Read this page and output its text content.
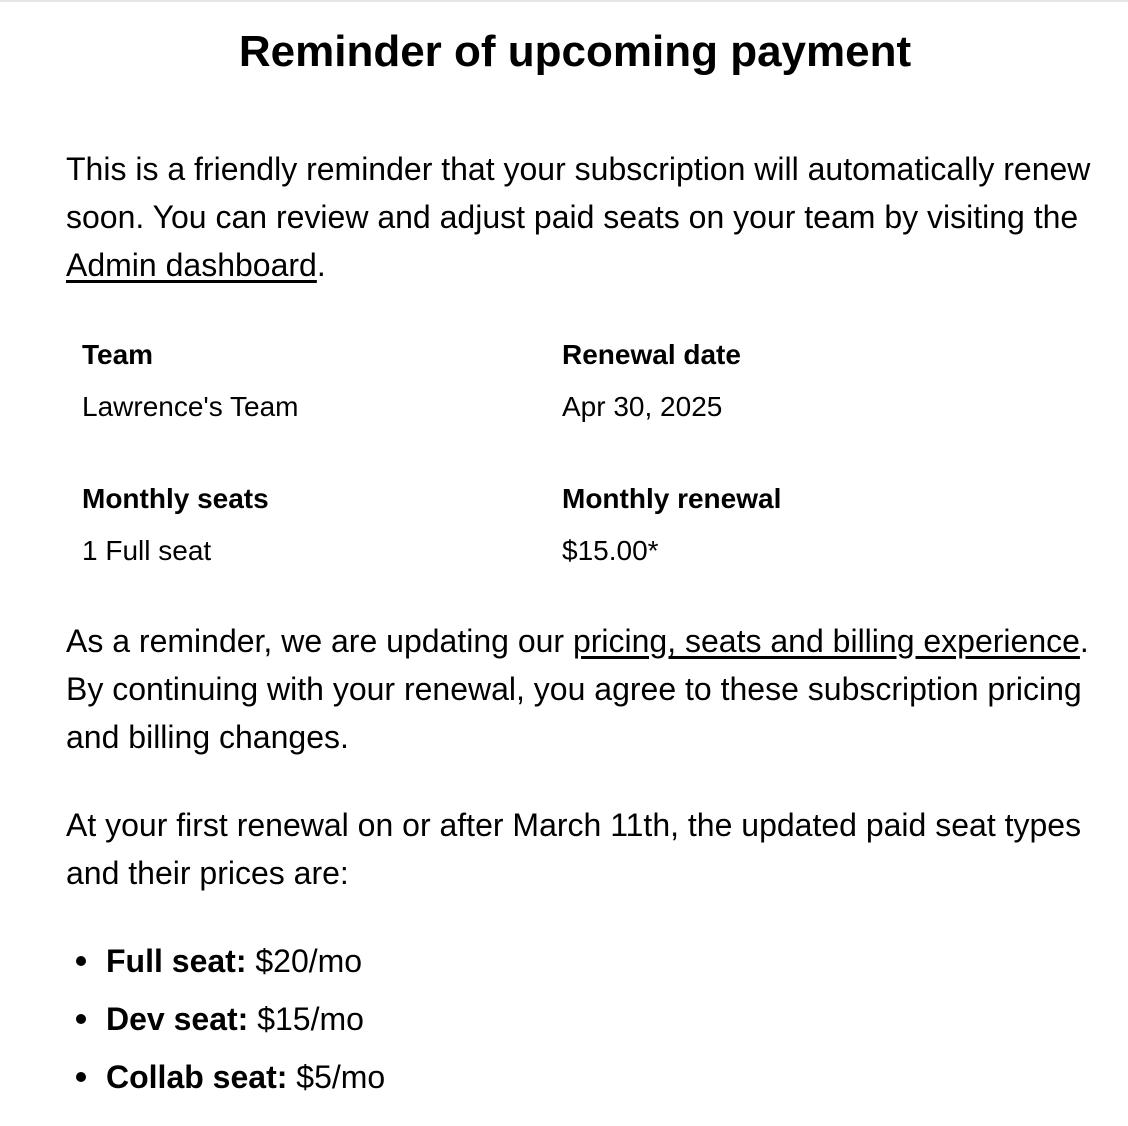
Reminder of upcoming payment

This is a friendly reminder that your subscription will automatically renew soon. You can review and adjust paid seats on your team by visiting the Admin dashboard.

Team
Lawrence's Team
Renewal date
Apr 30, 2025
Monthly seats
1 Full seat
Monthly renewal
$15.00*

As a reminder, we are updating our pricing, seats and billing experience. By continuing with your renewal, you agree to these subscription pricing and billing changes.

At your first renewal on or after March 11th, the updated paid seat types and their prices are:

Full seat: $20/mo
Dev seat: $15/mo
Collab seat: $5/mo
